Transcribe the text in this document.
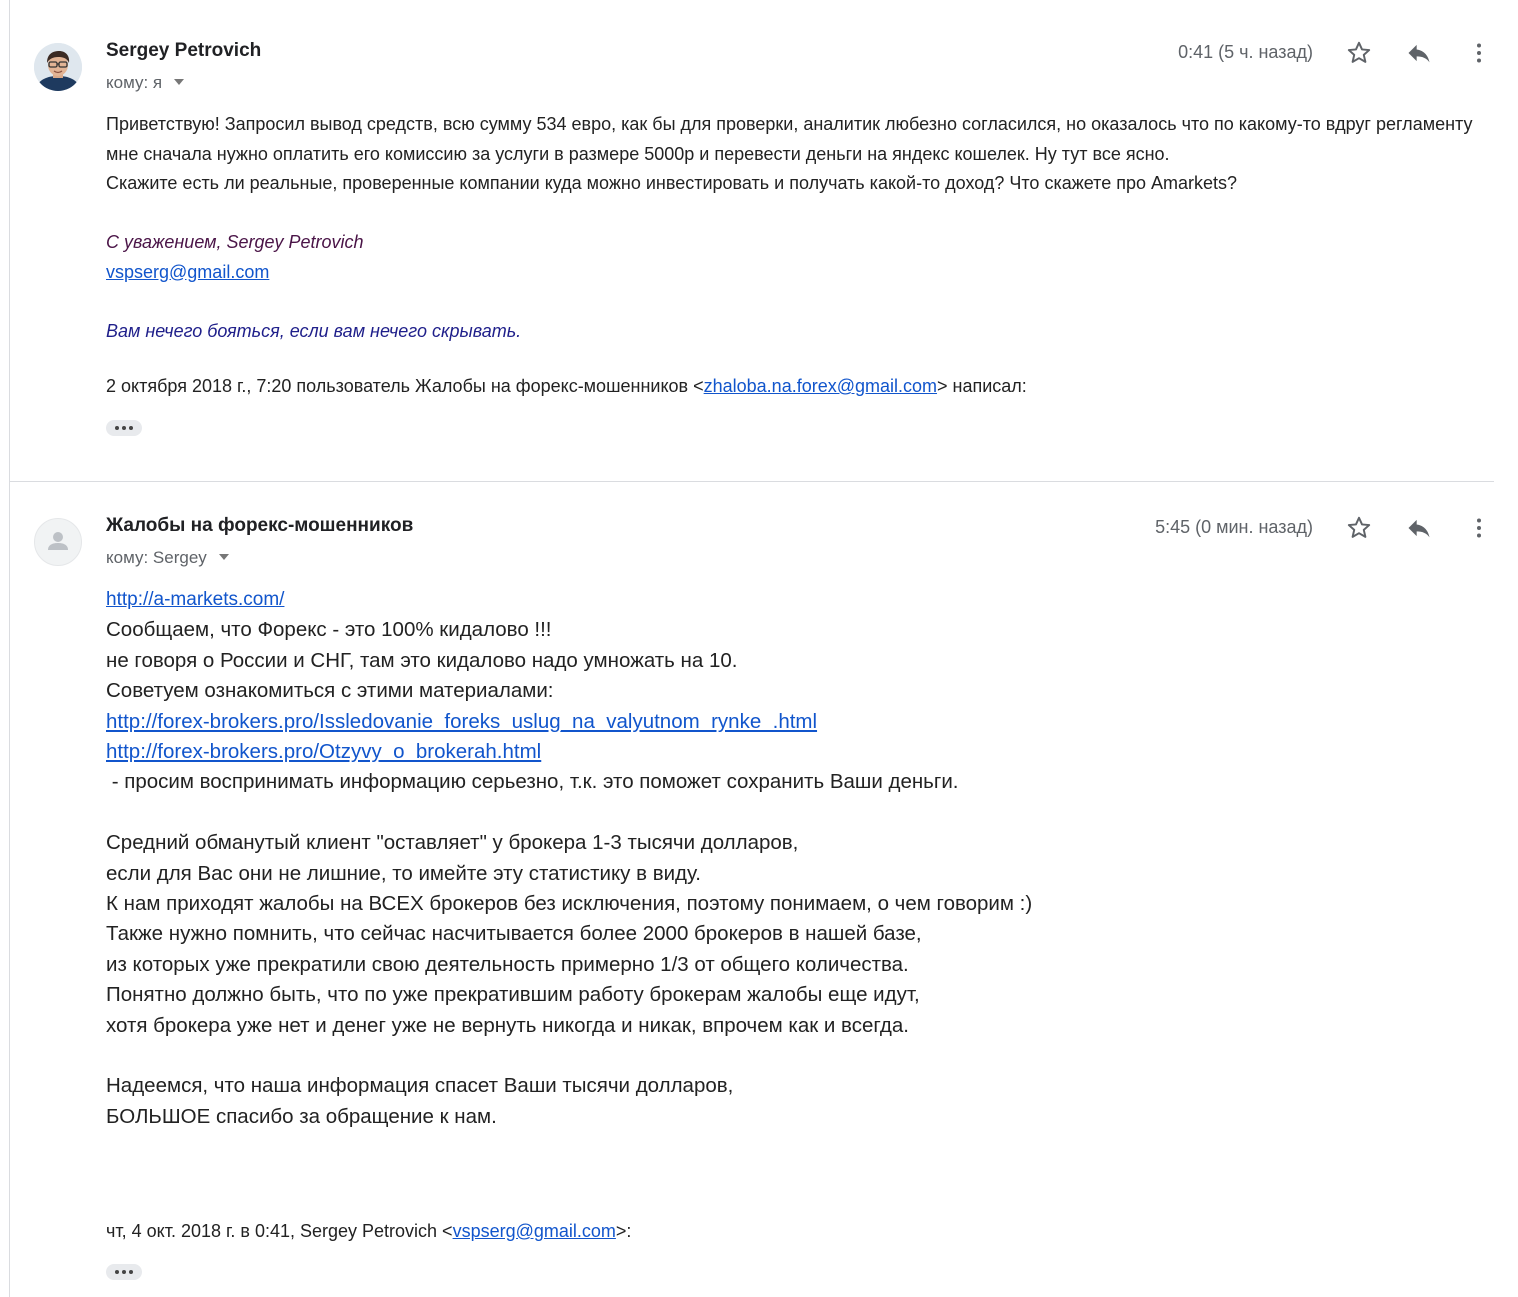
Sergey Petrovich
кому: я
0:41 (5 ч. назад)

Приветствую! Запросил вывод средств, всю сумму 534 евро, как бы для проверки, аналитик любезно согласился, но оказалось что по какому-то вдруг регламенту мне сначала нужно оплатить его комиссию за услуги в размере 5000р и перевести деньги на яндекс кошелек. Ну тут все ясно.

Скажите есть ли реальные, проверенные компании куда можно инвестировать и получать какой-то доход? Что скажете про Amarkets?

С уважением, Sergey Petrovich

vspserg@gmail.com

Вам нечего бояться, если вам нечего скрывать.

2 октября 2018 г., 7:20 пользователь Жалобы на форекс-мошенников <zhaloba.na.forex@gmail.com> написал:
Жалобы на форекс-мошенников
кому: Sergey
5:45 (0 мин. назад)

http://a-markets.com/

Сообщаем, что Форекс - это 100% кидалово !!!

не говоря о России и СНГ, там это кидалово надо умножать на 10.

Советуем ознакомиться с этими материалами:

http://forex-brokers.pro/Issledovanie_foreks_uslug_na_valyutnom_rynke_.html

http://forex-brokers.pro/Otzyvy_o_brokerah.html

- просим воспринимать информацию серьезно, т.к. это поможет сохранить Ваши деньги.

Средний обманутый клиент "оставляет" у брокера 1-3 тысячи долларов,

если для Вас они не лишние, то имейте эту статистику в виду.

К нам приходят жалобы на ВСЕХ брокеров без исключения, поэтому понимаем, о чем говорим :)

Также нужно помнить, что сейчас насчитывается более 2000 брокеров в нашей базе,

из которых уже прекратили свою деятельность примерно 1/3 от общего количества.

Понятно должно быть, что по уже прекратившим работу брокерам жалобы еще идут,

хотя брокера уже нет и денег уже не вернуть никогда и никак, впрочем как и всегда.

Надеемся, что наша информация спасет Ваши тысячи долларов,

БОЛЬШОЕ спасибо за обращение к нам.

чт, 4 окт. 2018 г. в 0:41, Sergey Petrovich <vspserg@gmail.com>:
